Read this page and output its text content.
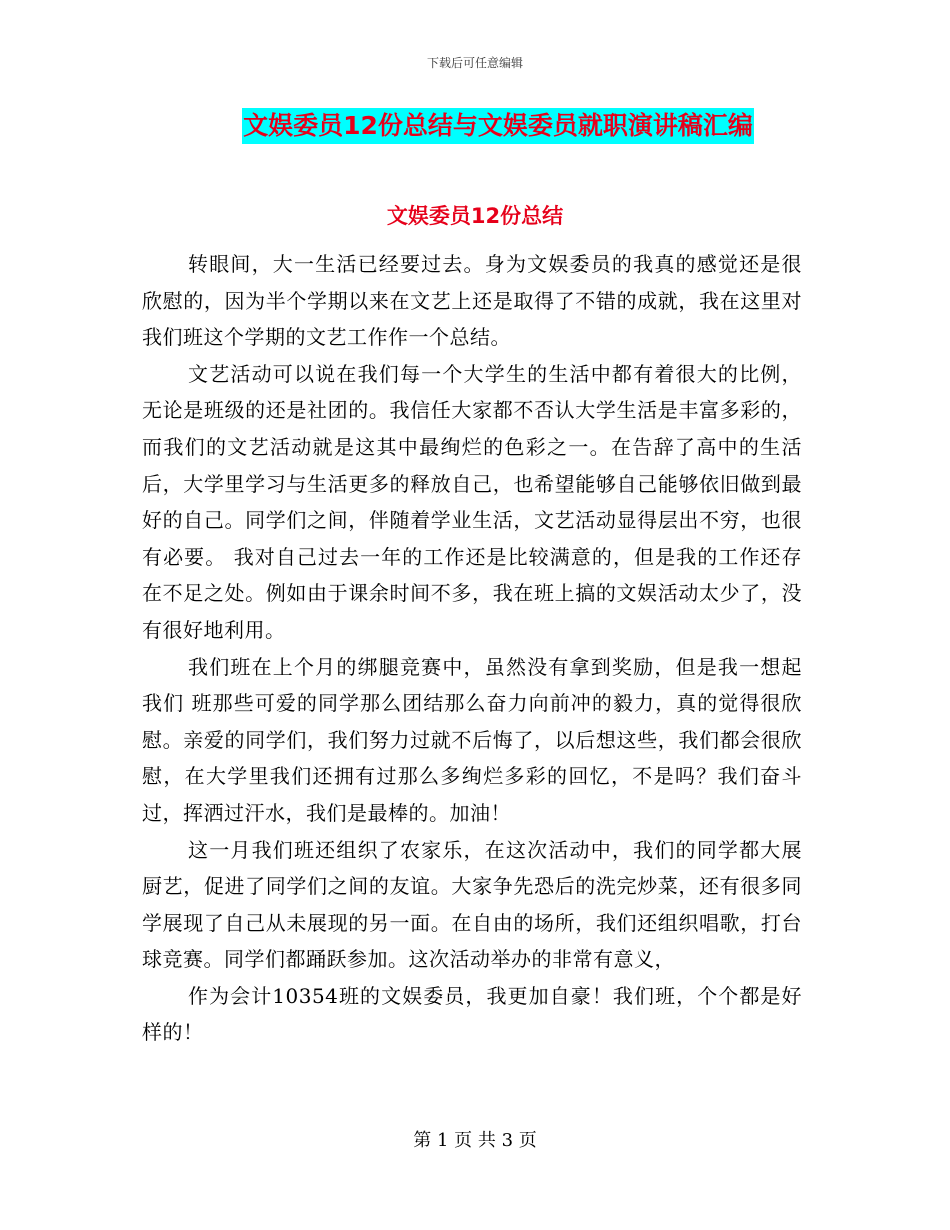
下载后可任意编辑
文娱委员12份总结与文娱委员就职演讲稿汇编
文娱委员12份总结

转眼间，大一生活已经要过去。身为文娱委员的我真的感觉还是很欣慰的，因为半个学期以来在文艺上还是取得了不错的成就，我在这里对我们班这个学期的文艺工作作一个总结。

文艺活动可以说在我们每一个大学生的生活中都有着很大的比例，无论是班级的还是社团的。我信任大家都不否认大学生活是丰富多彩的，而我们的文艺活动就是这其中最绚烂的色彩之一。在告辞了高中的生活后，大学里学习与生活更多的释放自己，也希望能够自己能够依旧做到最好的自己。同学们之间，伴随着学业生活，文艺活动显得层出不穷，也很有必要。 我对自己过去一年的工作还是比较满意的，但是我的工作还存在不足之处。例如由于课余时间不多，我在班上搞的文娱活动太少了，没有很好地利用。

我们班在上个月的绑腿竞赛中，虽然没有拿到奖励，但是我一想起我们 班那些可爱的同学那么团结那么奋力向前冲的毅力，真的觉得很欣慰。亲爱的同学们，我们努力过就不后悔了，以后想这些，我们都会很欣慰，在大学里我们还拥有过那么多绚烂多彩的回忆，不是吗？我们奋斗过，挥洒过汗水，我们是最棒的。加油！

这一月我们班还组织了农家乐，在这次活动中，我们的同学都大展厨艺，促进了同学们之间的友谊。大家争先恐后的洗完炒菜，还有很多同学展现了自己从未展现的另一面。在自由的场所，我们还组织唱歌，打台球竞赛。同学们都踊跃参加。这次活动举办的非常有意义，

作为会计10354班的文娱委员，我更加自豪！我们班，个个都是好样的！

第 1 页 共 3 页
